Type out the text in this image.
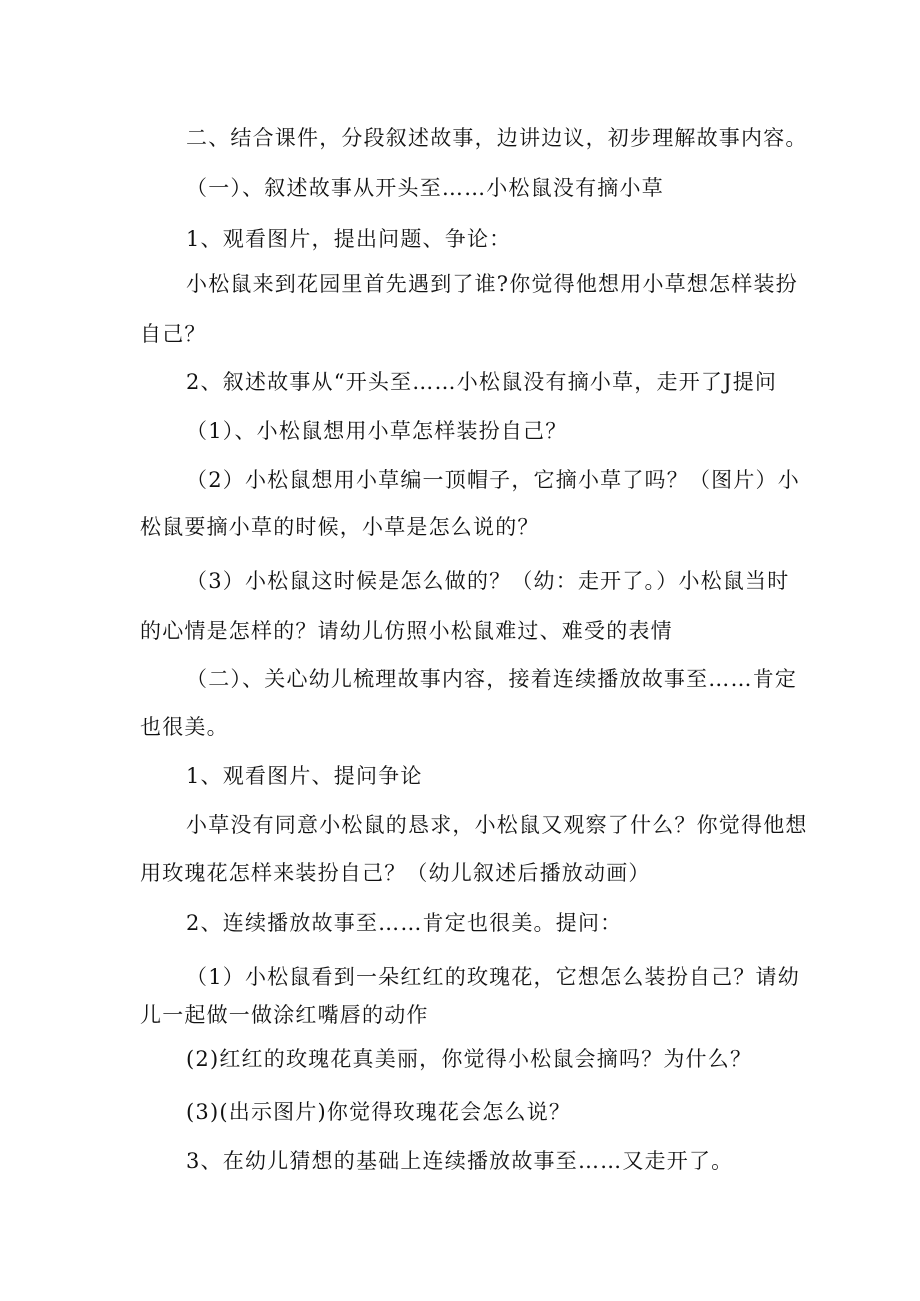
二、结合课件，分段叙述故事，边讲边议，初步理解故事内容。
（一）、叙述故事从开头至……小松鼠没有摘小草
1、观看图片，提出问题、争论：
小松鼠来到花园里首先遇到了谁?你觉得他想用小草想怎样装扮
自己？
2、叙述故事从“开头至……小松鼠没有摘小草，走开了J提问
（1）、小松鼠想用小草怎样装扮自己？
（2）小松鼠想用小草编一顶帽子，它摘小草了吗？（图片）小
松鼠要摘小草的时候，小草是怎么说的？
（3）小松鼠这时候是怎么做的？（幼：走开了。）小松鼠当时
的心情是怎样的？请幼儿仿照小松鼠难过、难受的表情
（二）、关心幼儿梳理故事内容，接着连续播放故事至……肯定
也很美。
1、观看图片、提问争论
小草没有同意小松鼠的恳求，小松鼠又观察了什么？你觉得他想
用玫瑰花怎样来装扮自己？（幼儿叙述后播放动画）
2、连续播放故事至……肯定也很美。提问：
（1）小松鼠看到一朵红红的玫瑰花，它想怎么装扮自己？请幼
儿一起做一做涂红嘴唇的动作
(2)红红的玫瑰花真美丽，你觉得小松鼠会摘吗？为什么？
(3)(出示图片)你觉得玫瑰花会怎么说？
3、在幼儿猜想的基础上连续播放故事至……又走开了。
